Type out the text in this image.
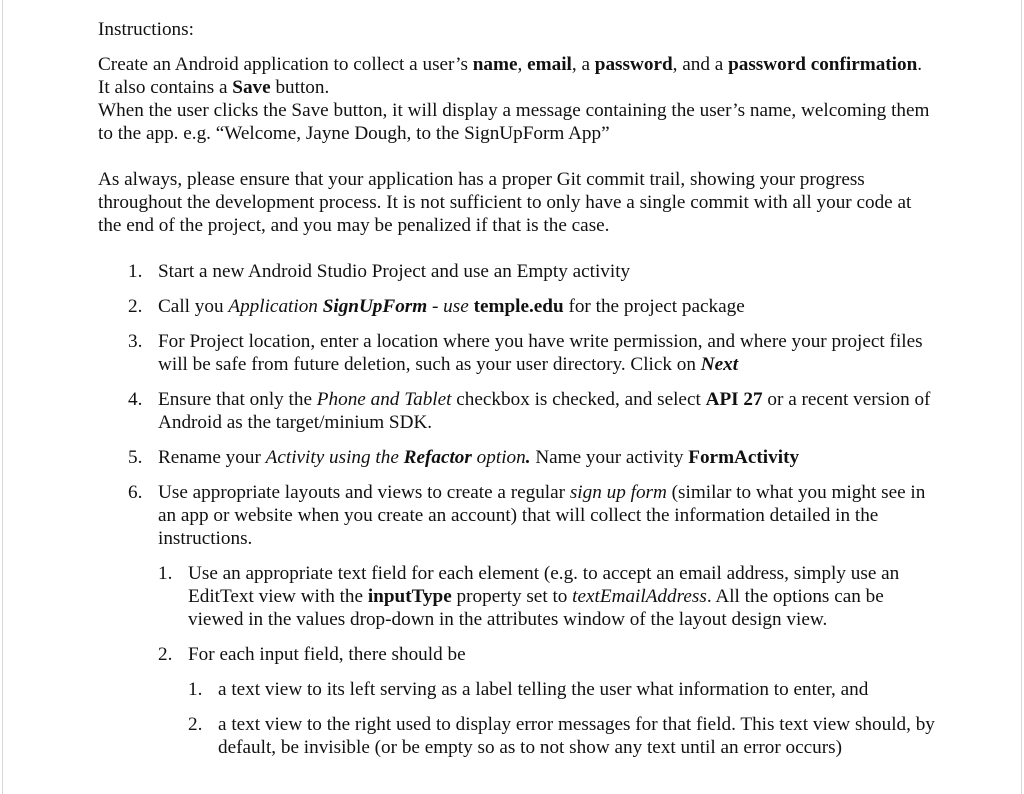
Instructions:

Create an Android application to collect a user’s name, email, a password, and a password confirmation. It also contains a Save button.

When the user clicks the Save button, it will display a message containing the user’s name, welcoming them to the app. e.g. “Welcome, Jayne Dough, to the SignUpForm App”

As always, please ensure that your application has a proper Git commit trail, showing your progress throughout the development process. It is not sufficient to only have a single commit with all your code at the end of the project, and you may be penalized if that is the case.

1. Start a new Android Studio Project and use an Empty activity
2. Call you Application SignUpForm - use temple.edu for the project package
3. For Project location, enter a location where you have write permission, and where your project files will be safe from future deletion, such as your user directory. Click on Next
4. Ensure that only the Phone and Tablet checkbox is checked, and select API 27 or a recent version of Android as the target/minium SDK.
5. Rename your Activity using the Refactor option. Name your activity FormActivity
6. Use appropriate layouts and views to create a regular sign up form (similar to what you might see in an app or website when you create an account) that will collect the information detailed in the instructions.
1. Use an appropriate text field for each element (e.g. to accept an email address, simply use an EditText view with the inputType property set to textEmailAddress. All the options can be viewed in the values drop-down in the attributes window of the layout design view.
2. For each input field, there should be
1. a text view to its left serving as a label telling the user what information to enter, and
2. a text view to the right used to display error messages for that field. This text view should, by default, be invisible (or be empty so as to not show any text until an error occurs)
